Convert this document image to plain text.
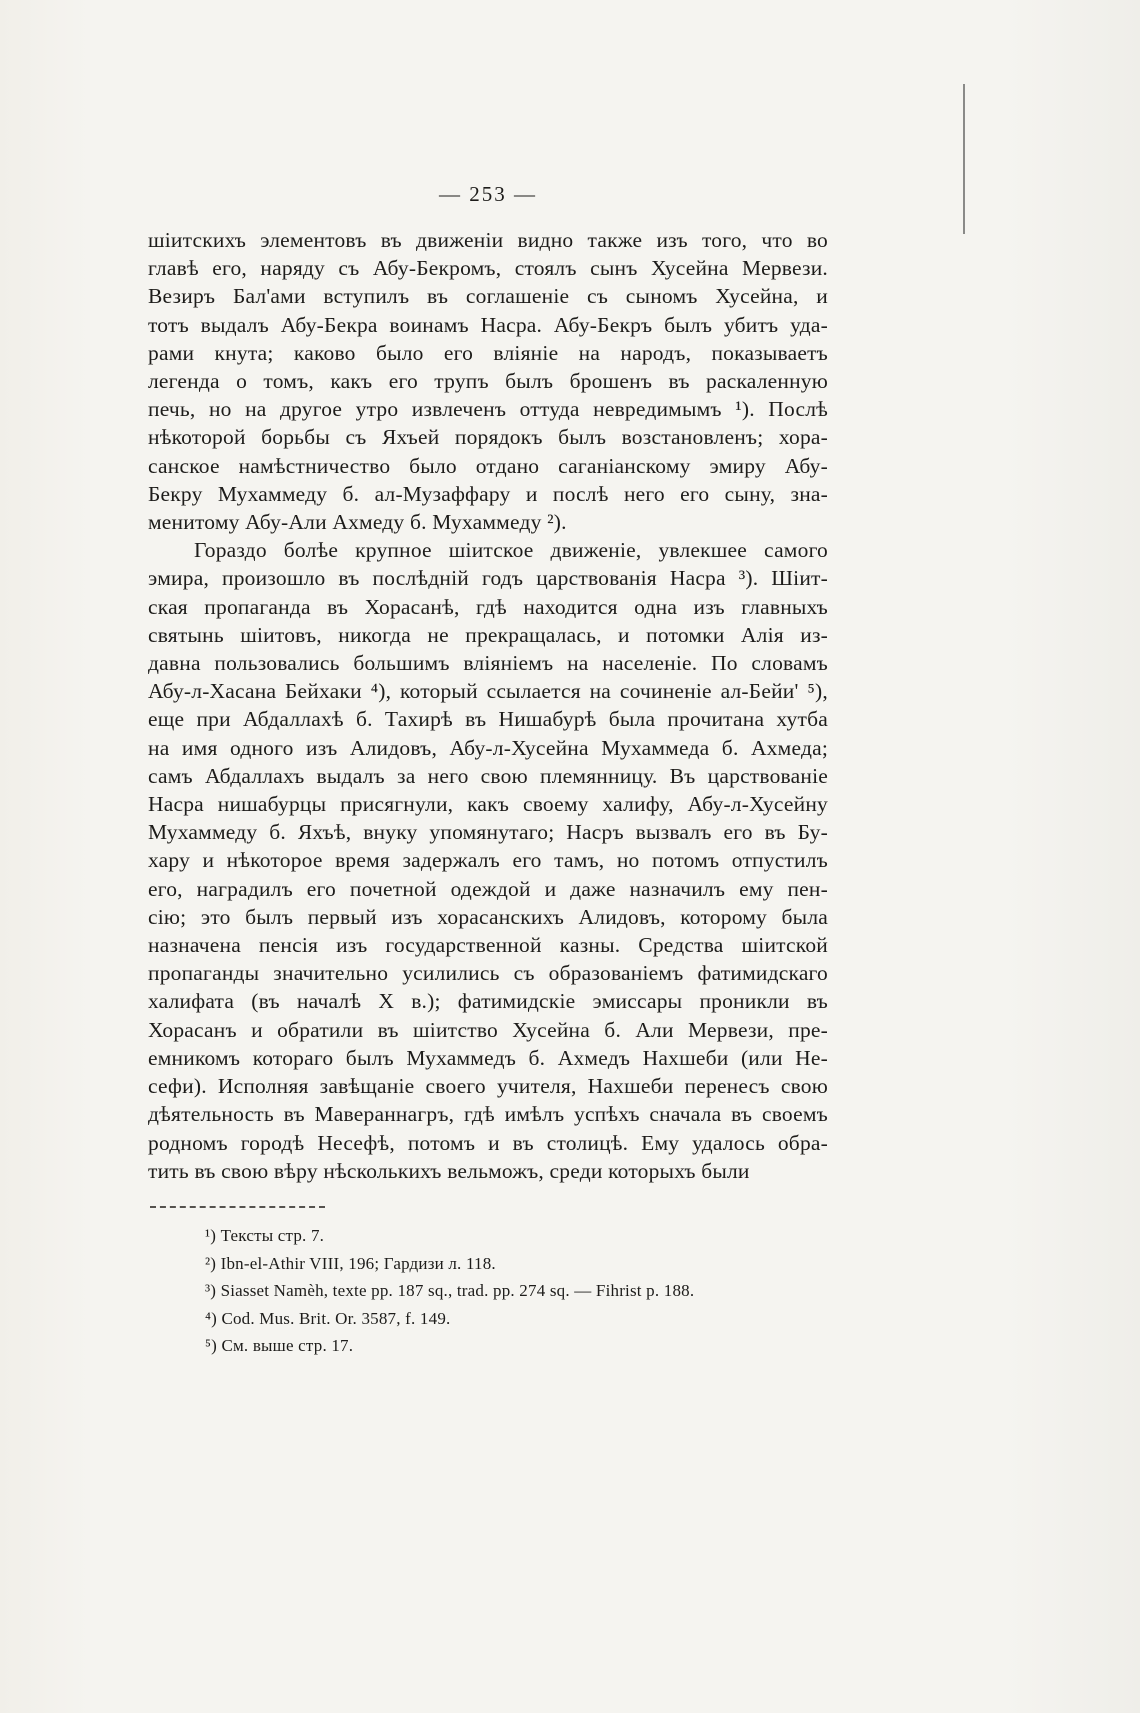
— 253 —
шіитскихъ элементовъ въ движеніи видно также изъ того, что во
главѣ его, наряду съ Абу-Бекромъ, стоялъ сынъ Хусейна Мервези.
Везиръ Бал'ами вступилъ въ соглашеніе съ сыномъ Хусейна, и
тотъ выдалъ Абу-Бекра воинамъ Насра. Абу-Бекръ былъ убитъ уда-
рами кнута; каково было его вліяніе на народъ, показываетъ
легенда о томъ, какъ его трупъ былъ брошенъ въ раскаленную
печь, но на другое утро извлеченъ оттуда невредимымъ ¹). Послѣ
нѣкоторой борьбы съ Яхъей порядокъ былъ возстановленъ; хора-
санское намѣстничество было отдано саганіанскому эмиру Абу-
Бекру Мухаммеду б. ал-Музаффару и послѣ него его сыну, зна-
менитому Абу-Али Ахмеду б. Мухаммеду ²).
Гораздо болѣе крупное шіитское движеніе, увлекшее самого
эмира, произошло въ послѣдній годъ царствованія Насра ³). Шіит-
ская пропаганда въ Хорасанѣ, гдѣ находится одна изъ главныхъ
святынь шіитовъ, никогда не прекращалась, и потомки Алія из-
давна пользовались большимъ вліяніемъ на населеніе. По словамъ
Абу-л-Хасана Бейхаки ⁴), который ссылается на сочиненіе ал-Бейи' ⁵),
еще при Абдаллахѣ б. Тахирѣ въ Нишабурѣ была прочитана хутба
на имя одного изъ Алидовъ, Абу-л-Хусейна Мухаммеда б. Ахмеда;
самъ Абдаллахъ выдалъ за него свою племянницу. Въ царствованіе
Насра нишабурцы присягнули, какъ своему халифу, Абу-л-Хусейну
Мухаммеду б. Яхъѣ, внуку упомянутаго; Насръ вызвалъ его въ Бу-
хару и нѣкоторое время задержалъ его тамъ, но потомъ отпустилъ
его, наградилъ его почетной одеждой и даже назначилъ ему пен-
сію; это былъ первый изъ хорасанскихъ Алидовъ, которому была
назначена пенсія изъ государственной казны. Средства шіитской
пропаганды значительно усилились съ образованіемъ фатимидскаго
халифата (въ началѣ X в.); фатимидскіе эмиссары проникли въ
Хорасанъ и обратили въ шіитство Хусейна б. Али Мервези, пре-
емникомъ котораго былъ Мухаммедъ б. Ахмедъ Нахшеби (или Не-
сефи). Исполняя завѣщаніе своего учителя, Нахшеби перенесъ свою
дѣятельность въ Мавераннагръ, гдѣ имѣлъ успѣхъ сначала въ своемъ
родномъ городѣ Несефѣ, потомъ и въ столицѣ. Ему удалось обра-
тить въ свою вѣру нѣсколькихъ вельможъ, среди которыхъ были
¹) Тексты стр. 7.
²) Ibn-el-Athir VIII, 196; Гардизи л. 118.
³) Siasset Namèh, texte pp. 187 sq., trad. pp. 274 sq. — Fihrist p. 188.
⁴) Cod. Mus. Brit. Or. 3587, f. 149.
⁵) См. выше стр. 17.
